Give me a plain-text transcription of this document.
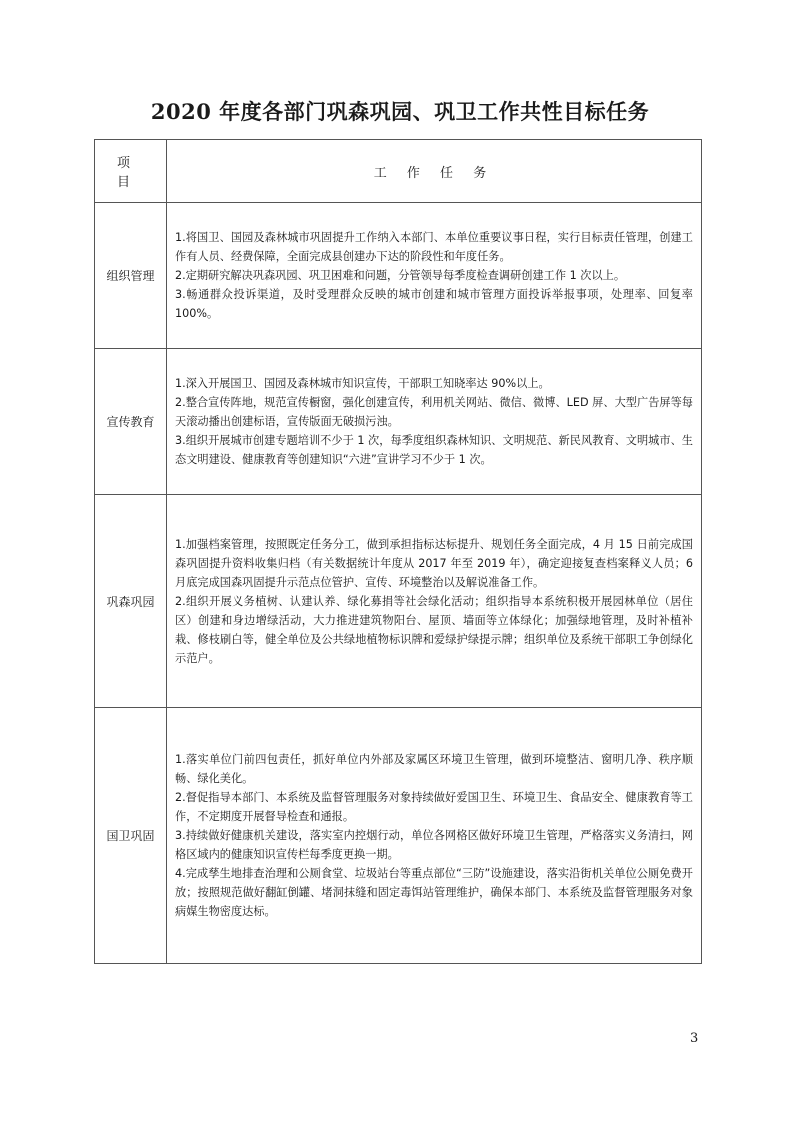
2020 年度各部门巩森巩园、巩卫工作共性目标任务
项 目	工 作 任 务
组织管理	1.将国卫、国园及森林城市巩固提升工作纳入本部门、本单位重要议事日程，实行目标责任管理，创建工作有人员、经费保障，全面完成县创建办下达的阶段性和年度任务。
2.定期研究解决巩森巩园、巩卫困难和问题，分管领导每季度检查调研创建工作 1 次以上。
3.畅通群众投诉渠道，及时受理群众反映的城市创建和城市管理方面投诉举报事项，处理率、回复率 100%。

宣传教育	1.深入开展国卫、国园及森林城市知识宣传，干部职工知晓率达 90%以上。
2.整合宣传阵地，规范宣传橱窗，强化创建宣传，利用机关网站、微信、微博、LED 屏、大型广告屏等每天滚动播出创建标语，宣传版面无破损污浊。
3.组织开展城市创建专题培训不少于 1 次，每季度组织森林知识、文明规范、新民风教育、文明城市、生态文明建设、健康教育等创建知识“六进”宣讲学习不少于 1 次。

巩森巩园	1.加强档案管理，按照既定任务分工，做到承担指标达标提升、规划任务全面完成，4 月 15 日前完成国森巩固提升资料收集归档（有关数据统计年度从 2017 年至 2019 年），确定迎接复查档案释义人员；6 月底完成国森巩固提升示范点位管护、宣传、环境整治以及解说准备工作。
2.组织开展义务植树、认建认养、绿化募捐等社会绿化活动；组织指导本系统积极开展园林单位（居住区）创建和身边增绿活动，大力推进建筑物阳台、屋顶、墙面等立体绿化；加强绿地管理，及时补植补栽、修枝刷白等，健全单位及公共绿地植物标识牌和爱绿护绿提示牌；组织单位及系统干部职工争创绿化示范户。

国卫巩固	1.落实单位门前四包责任，抓好单位内外部及家属区环境卫生管理，做到环境整洁、窗明几净、秩序顺畅、绿化美化。
2.督促指导本部门、本系统及监督管理服务对象持续做好爱国卫生、环境卫生、食品安全、健康教育等工作，不定期度开展督导检查和通报。
3.持续做好健康机关建设，落实室内控烟行动，单位各网格区做好环境卫生管理，严格落实义务清扫，网格区域内的健康知识宣传栏每季度更换一期。
4.完成孳生地排查治理和公厕食堂、垃圾站台等重点部位“三防”设施建设，落实沿街机关单位公厕免费开放；按照规范做好翻缸倒罐、堵洞抹缝和固定毒饵站管理维护，确保本部门、本系统及监督管理服务对象病媒生物密度达标。
3
